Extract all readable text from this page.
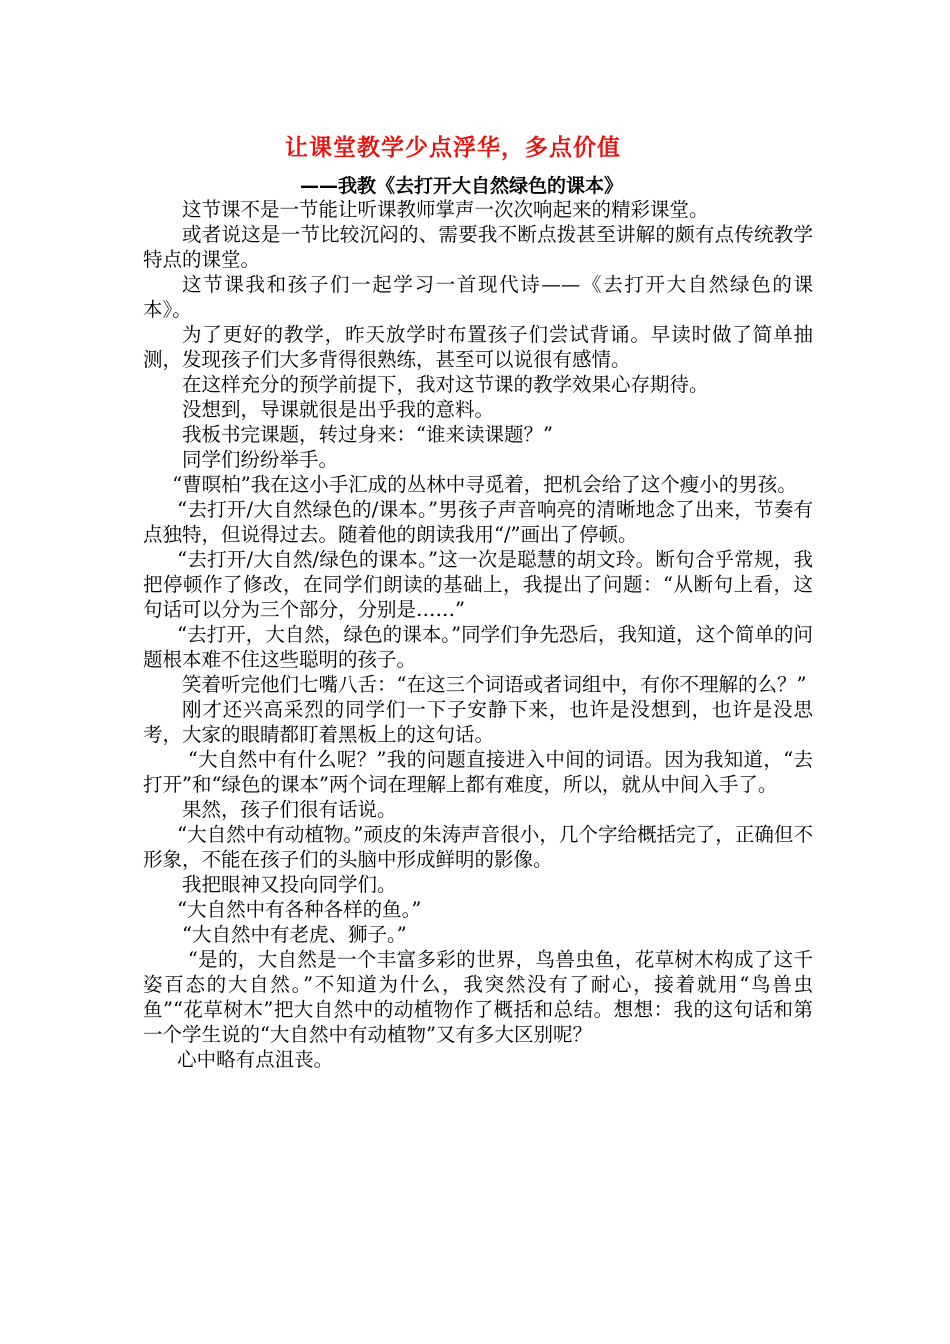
让课堂教学少点浮华，多点价值
——我教《去打开大自然绿色的课本》

这节课不是一节能让听课教师掌声一次次响起来的精彩课堂。

或者说这是一节比较沉闷的、需要我不断点拨甚至讲解的颇有点传统教学特点的课堂。

这节课我和孩子们一起学习一首现代诗——《去打开大自然绿色的课本》。

为了更好的教学，昨天放学时布置孩子们尝试背诵。早读时做了简单抽测，发现孩子们大多背得很熟练，甚至可以说很有感情。

在这样充分的预学前提下，我对这节课的教学效果心存期待。

没想到，导课就很是出乎我的意料。

我板书完课题，转过身来：“谁来读课题？”

同学们纷纷举手。

“曹暝柏”我在这小手汇成的丛林中寻觅着，把机会给了这个瘦小的男孩。

“去打开/大自然绿色的/课本。”男孩子声音响亮的清晰地念了出来，节奏有点独特，但说得过去。随着他的朗读我用“/”画出了停顿。

“去打开/大自然/绿色的课本。”这一次是聪慧的胡文玲。断句合乎常规，我把停顿作了修改，在同学们朗读的基础上，我提出了问题：“从断句上看，这句话可以分为三个部分，分别是……”

“去打开，大自然，绿色的课本。”同学们争先恐后，我知道，这个简单的问题根本难不住这些聪明的孩子。

笑着听完他们七嘴八舌：“在这三个词语或者词组中，有你不理解的么？”

刚才还兴高采烈的同学们一下子安静下来，也许是没想到，也许是没思考，大家的眼睛都盯着黑板上的这句话。

“大自然中有什么呢？”我的问题直接进入中间的词语。因为我知道，“去打开”和“绿色的课本”两个词在理解上都有难度，所以，就从中间入手了。

果然，孩子们很有话说。

“大自然中有动植物。”顽皮的朱涛声音很小，几个字给概括完了，正确但不形象，不能在孩子们的头脑中形成鲜明的影像。

我把眼神又投向同学们。

“大自然中有各种各样的鱼。”

“大自然中有老虎、狮子。”

“是的，大自然是一个丰富多彩的世界，鸟兽虫鱼，花草树木构成了这千姿百态的大自然。”不知道为什么，我突然没有了耐心，接着就用“鸟兽虫鱼”“花草树木”把大自然中的动植物作了概括和总结。想想：我的这句话和第一个学生说的“大自然中有动植物”又有多大区别呢？

心中略有点沮丧。
